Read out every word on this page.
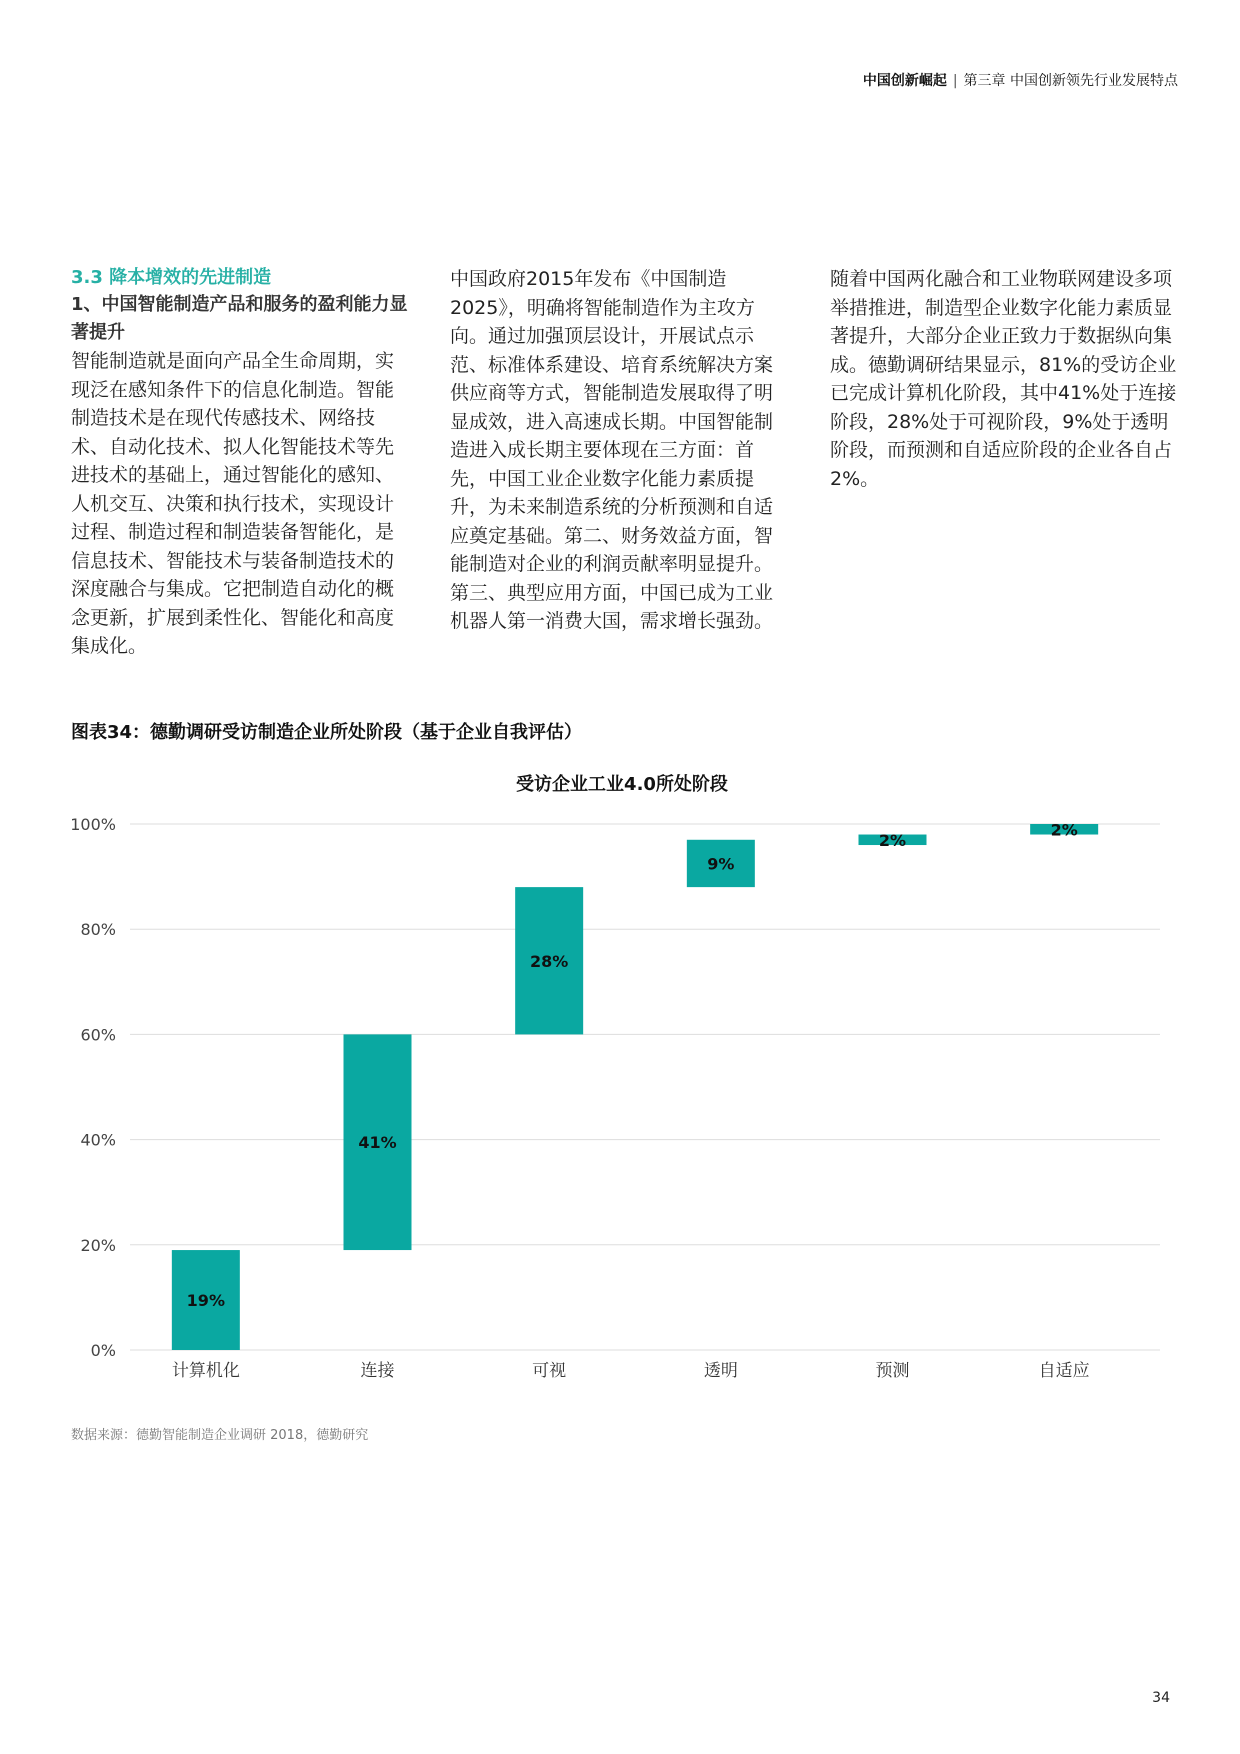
中国创新崛起 | 第三章 中国创新领先行业发展特点

3.3 降本增效的先进制造

1、中国智能制造产品和服务的盈利能力显著提升

智能制造就是面向产品全生命周期，实现泛在感知条件下的信息化制造。智能制造技术是在现代传感技术、网络技术、自动化技术、拟人化智能技术等先进技术的基础上，通过智能化的感知、人机交互、决策和执行技术，实现设计过程、制造过程和制造装备智能化，是信息技术、智能技术与装备制造技术的深度融合与集成。它把制造自动化的概念更新，扩展到柔性化、智能化和高度集成化。

中国政府2015年发布《中国制造2025》，明确将智能制造作为主攻方向。通过加强顶层设计，开展试点示范、标准体系建设、培育系统解决方案供应商等方式，智能制造发展取得了明显成效，进入高速成长期。中国智能制造进入成长期主要体现在三方面：首先，中国工业企业数字化能力素质提升，为未来制造系统的分析预测和自适应奠定基础。第二、财务效益方面，智能制造对企业的利润贡献率明显提升。第三、典型应用方面，中国已成为工业机器人第一消费大国，需求增长强劲。

随着中国两化融合和工业物联网建设多项举措推进，制造型企业数字化能力素质显著提升，大部分企业正致力于数据纵向集成。德勤调研结果显示，81%的受访企业已完成计算机化阶段，其中41%处于连接阶段，28%处于可视阶段，9%处于透明阶段，而预测和自适应阶段的企业各自占2%。

图表34：德勤调研受访制造企业所处阶段（基于企业自我评估）
受访企业工业4.0所处阶段
0%
20%
40%
60%
80%
100%
19%
41%
28%
9%
2%
2%
计算机化	连接	可视	透明	预测	自适应
数据来源：德勤智能制造企业调研 2018，德勤研究
34
